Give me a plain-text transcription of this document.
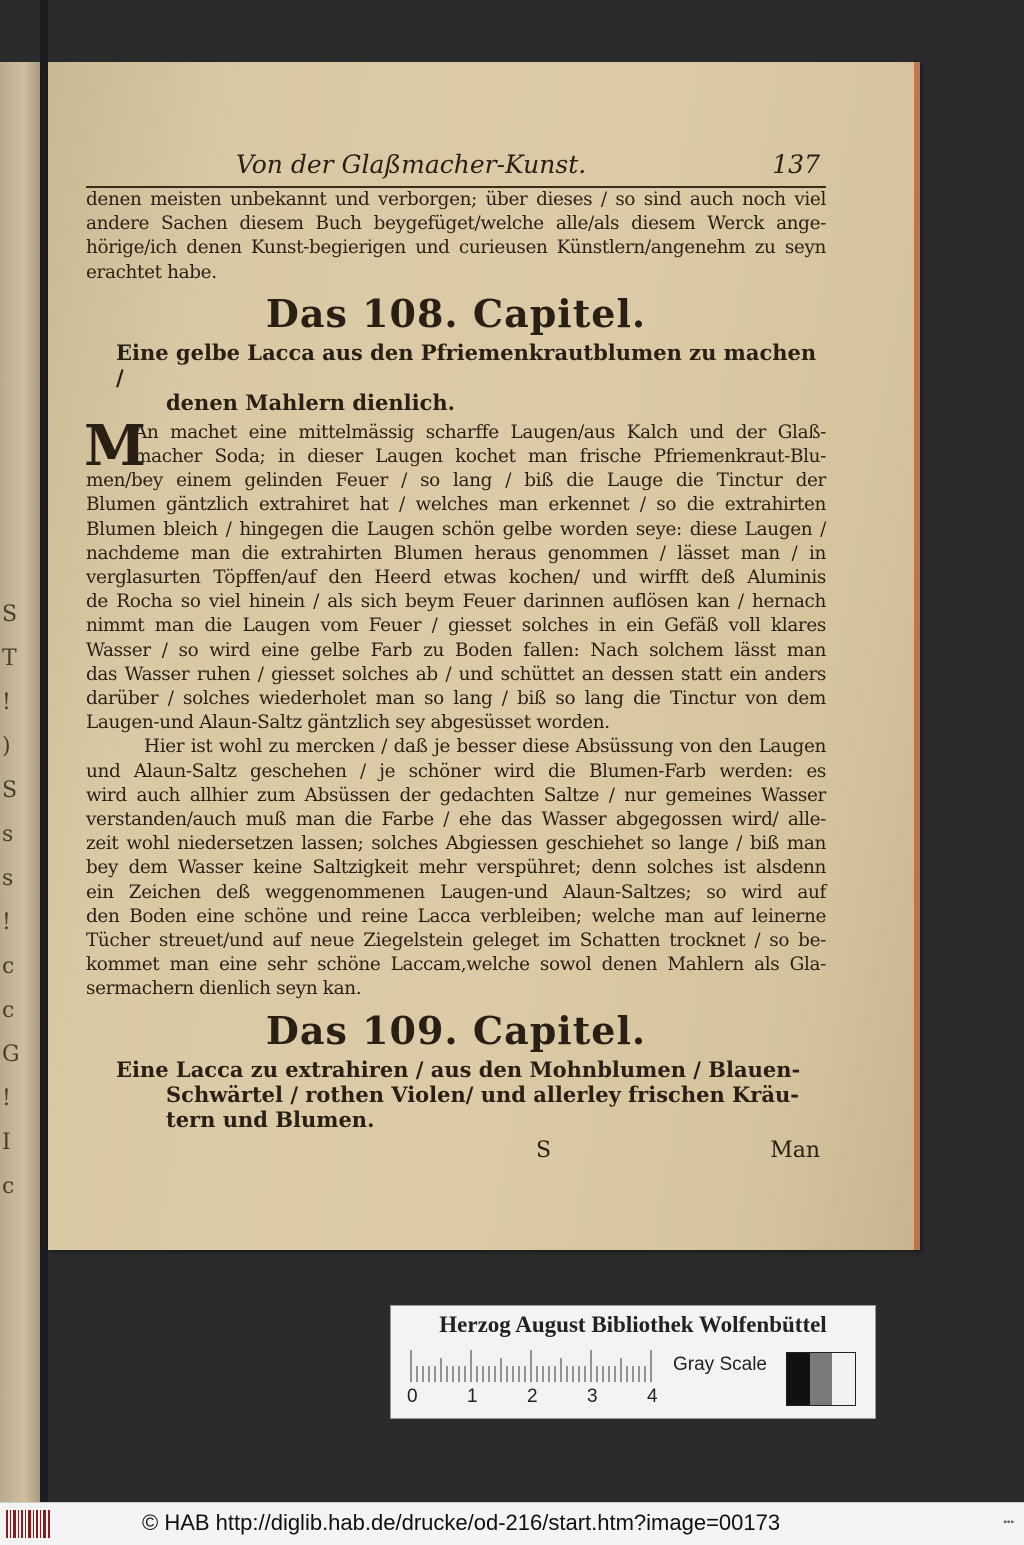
S
T
!
)
S
s
s
!
c
c
G
!
I
c
Von der Glaßmacher-Kunst.	137

denen meisten unbekannt und verborgen; über dieses / so sind auch noch viel
andere Sachen diesem Buch beygefüget/welche alle/als diesem Werck ange-
hörige/ich denen Kunst-begierigen und curieusen Künstlern/angenehm zu seyn
erachtet habe.

Das 108. Capitel.
Eine gelbe Lacca aus den Pfriemenkrautblumen zu machen /
denen Mahlern dienlich.

M
An machet eine mittelmässig scharffe Laugen/aus Kalch und der Glaß-
macher Soda; in dieser Laugen kochet man frische Pfriemenkraut-Blu-
men/bey einem gelinden Feuer / so lang / biß die Lauge die Tinctur der
Blumen gäntzlich extrahiret hat / welches man erkennet / so die extrahirten
Blumen bleich / hingegen die Laugen schön gelbe worden seye: diese Laugen /
nachdeme man die extrahirten Blumen heraus genommen / lässet man / in
verglasurten Töpffen/auf den Heerd etwas kochen/ und wirfft deß Aluminis
de Rocha so viel hinein / als sich beym Feuer darinnen auflösen kan / hernach
nimmt man die Laugen vom Feuer / giesset solches in ein Gefäß voll klares
Wasser / so wird eine gelbe Farb zu Boden fallen: Nach solchem lässt man
das Wasser ruhen / giesset solches ab / und schüttet an dessen statt ein anders
darüber / solches wiederholet man so lang / biß so lang die Tinctur von dem
Laugen-und Alaun-Saltz gäntzlich sey abgesüsset worden.

Hier ist wohl zu mercken / daß je besser diese Absüssung von den Laugen
und Alaun-Saltz geschehen / je schöner wird die Blumen-Farb werden: es
wird auch allhier zum Absüssen der gedachten Saltze / nur gemeines Wasser
verstanden/auch muß man die Farbe / ehe das Wasser abgegossen wird/ alle-
zeit wohl niedersetzen lassen; solches Abgiessen geschiehet so lange / biß man
bey dem Wasser keine Saltzigkeit mehr verspühret; denn solches ist alsdenn
ein Zeichen deß weggenommenen Laugen-und Alaun-Saltzes; so wird auf
den Boden eine schöne und reine Lacca verbleiben; welche man auf leinerne
Tücher streuet/und auf neue Ziegelstein geleget im Schatten trocknet / so be-
kommet man eine sehr schöne Laccam,welche sowol denen Mahlern als Gla-
sermachern dienlich seyn kan.

Das 109. Capitel.
Eine Lacca zu extrahiren / aus den Mohnblumen / Blauen-
Schwärtel / rothen Violen/ und allerley frischen Kräu-
tern und Blumen.
S	Man
Herzog August Bibliothek Wolfenbüttel
0	1	2	3	4
Gray Scale
© HAB http://diglib.hab.de/drucke/od-216/start.htm?image=00173	▪▪▪
